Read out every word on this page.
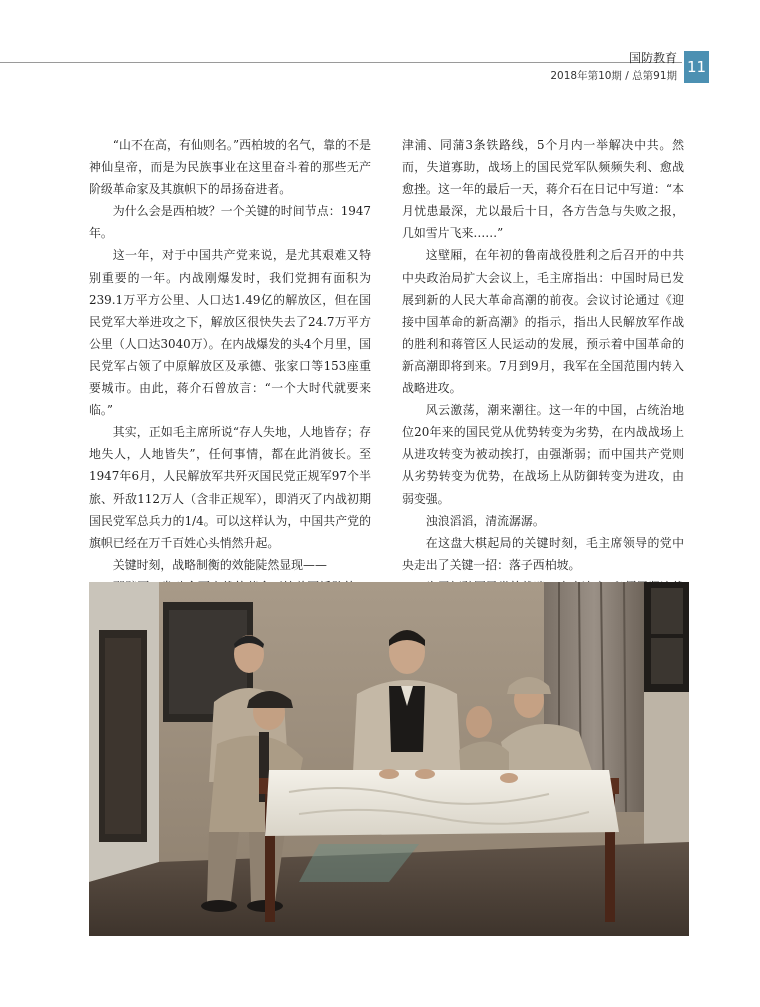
国防教育
2018年第10期 / 总第91期 11

“山不在高，有仙则名。”西柏坡的名气，靠的不是神仙皇帝，而是为民族事业在这里奋斗着的那些无产阶级革命家及其旗帜下的昂扬奋进者。

为什么会是西柏坡？一个关键的时间节点：1947年。

这一年，对于中国共产党来说，是尤其艰难又特别重要的一年。内战刚爆发时，我们党拥有面积为239.1万平方公里、人口达1.49亿的解放区，但在国民党军大举进攻之下，解放区很快失去了24.7万平方公里（人口达3040万）。在内战爆发的头4个月里，国民党军占领了中原解放区及承德、张家口等153座重要城市。由此，蒋介石曾放言：“一个大时代就要来临。”

其实，正如毛主席所说“存人失地，人地皆存；存地失人，人地皆失”，任何事情，都在此消彼长。至1947年6月，人民解放军共歼灭国民党正规军97个半旅、歼敌112万人（含非正规军），即消灭了内战初期国民党军总兵力的1/4。可以这样认为，中国共产党的旗帜已经在万千百姓心头悄然升起。

关键时刻，战略制衡的效能陡然显现——

津浦、同蒲3条铁路线，5个月内一举解决中共。然而，失道寡助，战场上的国民党军队频频失利、愈战愈挫。这一年的最后一天，蒋介石在日记中写道：“本月忧患最深，尤以最后十日，各方告急与失败之报，几如雪片飞来……”

这壁厢，在年初的鲁南战役胜利之后召开的中共中央政治局扩大会议上，毛主席指出：中国时局已发展到新的人民大革命高潮的前夜。会议讨论通过《迎接中国革命的新高潮》的指示，指出人民解放军作战的胜利和蒋管区人民运动的发展，预示着中国革命的新高潮即将到来。7月到9月，我军在全国范围内转入战略进攻。

风云激荡，潮来潮往。这一年的中国，占统治地位20年来的国民党从优势转变为劣势，在内战战场上从进攻转变为被动挨打，由强渐弱；而中国共产党则从劣势转变为优势，在战场上从防御转变为进攻，由弱变强。

浊浪滔滔，清流潺潺。

在这盘大棋起局的关键时刻，毛主席领导的党中央走出了关键一招：落子西柏坡。
